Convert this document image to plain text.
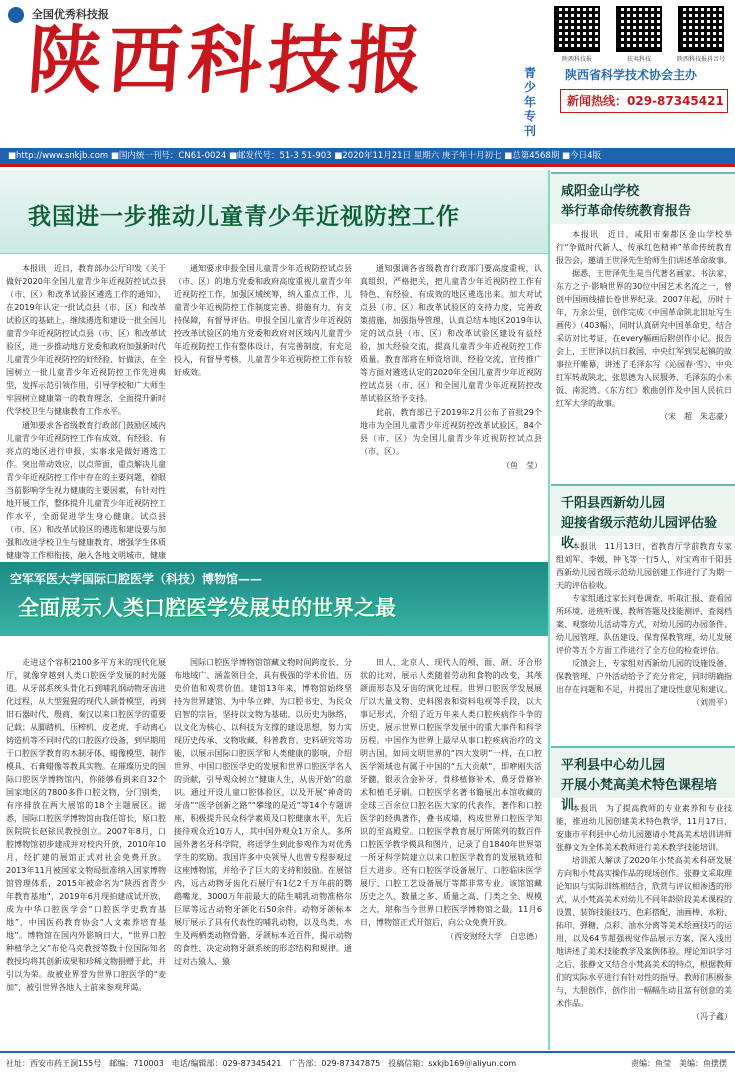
全国优秀科技报
陕西科技报	青少年专刊
陕西科技报	扶夷科技	陕西科技报抖音号
陕西省科学技术协会主办
新闻热线：029-87345421
■http://www.snkjb.com ■国内统一刊号：CN61-0024 ■邮发代号：51-3 51-903 ■2020年11月21日 星期六 庚子年十月初七 ■总第4568期 ■今日4版
我国进一步推动儿童青少年近视防控工作

本报讯　近日，教育部办公厅印发《关于做好2020年全国儿童青少年近视防控试点县（市、区）和改革试验区遴选工作的通知》，在2019年认定一批试点县（市、区）和改革试验区的基础上，继续遴选和建设一批全国儿童青少年近视防控试点县（市、区）和改革试验区，进一步推动地方党委和政府加强新时代儿童青少年近视防控的好经验、好做法，在全国树立一批儿童青少年近视防控工作先进典型，发挥示范引领作用，引导学校和广大师生牢固树立健康第一的教育理念，全面提升新时代学校卫生与健康教育工作水平。

通知要求各省级教育行政部门鼓励区域内儿童青少年近视防控工作有成效、有经验、有亮点的地区进行申报，实事求是做好遴选工作。突出带动效应，以点带面，重点解决儿童青少年近视防控工作中存在的主要问题，着眼当前影响学生视力健康的主要因素，有针对性地开展工作，整体提升儿童青少年近视防控工作水平，全面促进学生身心健康。试点县（市、区）和改革试验区的遴选和建设要与加强和改进学校卫生与健康教育、增强学生体质健康等工作相衔接，融入各地文明城市、健康

通知要求申报全国儿童青少年近视防控试点县（市、区）的地方党委和政府高度重视儿童青少年近视防控工作，加强区域统筹，纳入重点工作，儿童青少年近视防控工作制度完善、措施有力，有支持保障，有督导评估。申报全国儿童青少年近视防控改革试验区的地方党委和政府对区域内儿童青少年近视防控工作有整体设计，有完善制度，有充足投入，有督导考核，儿童青少年近视防控工作有较好成效。

通知强调各省级教育行政部门要高度重视，认真组织，严格把关，把儿童青少年近视防控工作有特色、有经验、有成效的地区遴选出来。加大对试点县（市、区）和改革试验区的支持力度，完善政策措施，加强指导管理，认真总结本地区2019年认定的试点县（市、区）和改革试验区建设有益经验，加大经验交流，提高儿童青少年近视防控工作质量。教育部将在师资培训、经验交流、宣传推广等方面对遴选认定的2020年全国儿童青少年近视防控试点县（市、区）和全国儿童青少年近视防控改革试验区给予支持。

此前，教育部已于2019年2月公布了首批29个地市为全国儿童青少年近视防控改革试验区，84个县（市、区）为全国儿童青少年近视防控试点县（市、区）。

（鱼　莹）
空军军医大学国际口腔医学（科技）博物馆——
全面展示人类口腔医学发展史的世界之最

走进这个容积2100多平方米的现代化展厅，就像穿越到人类口腔医学发展的时光隧道。从牙部系统头骨化石到哺乳纲动物牙齿进化过程，从大型猩猩的现代人颌骨模型，再到旧石器时代、殷商、秦汉以来口腔医学的重要记载；从脚踏机、压榨机、皮老虎、手动离心铸造机等不同时代的口腔医疗设备，到早期用于口腔医学教育的木制牙体、蜡像模型、制作模具、石膏蜡像等教具实物。在璀璨历史的国际口腔医学博物馆内，你能够看到来自32个国家地区的7800多件口腔文物，分门别类，有序排放在两大展馆的18个主题展区。据悉，国际口腔医学博物馆由我任馆长，原口腔医院院长赵铱民教授创立。2007年8月，口腔博物馆初步建成并对校内开放，2010年10月，经扩建的展馆正式对社会免费开放。2013年11月被国家文物局批准纳入国家博物馆管理体系，2015年被命名为“陕西省青少年教育基地”，2019年6月现拍建成试开放，成为中华口腔医学会“口腔医学史教育基地”，中国医药教育协会“人文素养培育基地”。博物馆在国内外影响日大，“世界口腔种植学之父”布伦马克教授等数十位国际知名教授均将其创新成果和珍稀文物捐赠于此，并引以为荣。故被业界誉为世界口腔医学的“麦加”，被引世界各地人士前来参观拜谒。

国际口腔医学博物馆馆藏文物时间跨度长、分布地域广、涵盖领目全，具有极强的学术价值、历史价值和观赏价值。建馆13年来，博物馆始终坚持为世界建馆、为中华立碑、为口腔书史、为民众启智的宗旨，坚持以文物为基础、以历史为脉络，以文化为核心、以科技为支撑的建设思想，努力实现历史传承、文物收藏、科普教育、史料研究等功能，以展示国际口腔医学和人类健康的影响，介绍世界、中国口腔医学史的发展和世界口腔医学名人的贡献，引导观众树立“健康人生，从齿开始”的意识。通过开设儿童口腔体验区，以及开展“神奇的牙齿”“医学创新之路”“攀缘的是近”等14个专题讲座，积极提升民众科学素质及口腔健康水平，先后接待观众近10万人，其中国外观众1万余人。多所国外著名牙科学院，将送学生到此参观作为对优秀学生的奖励。我国许多中央领导人也曾专程参观过这座博物馆，并给予了巨大的支持和鼓励。在展馆内，远古动物牙齿化石展厅有1亿2千万年前的鹦鹉嘴龙、3000万年前最大的陆生哺乳动物准格尔巨犀等远古动物牙颌化石50余件。动物牙颌标本展厅展示了具有代表性的哺乳动物，以及鸟类、水生及两栖类动物骨骼、牙颌标本近百件，揭示动物的食性、决定动物牙颌系统的形态结构和规律。通过对古猿人、猿

田人、北京人、现代人的颅、面、颌、牙合形状的比对，展示人类随着劳动和食物的改变，其颅颌面形态及牙齿的演化过程。世界口腔医学发展展厅以大量文物、史料图表和资料电视等手段，以大事记形式，介绍了近万年来人类口腔疾病作斗争的历史，展示世界口腔医学发展中的重大事件和科学历程。中国作为世界上最早从事口腔疾病治疗的文明古国，如同文明世界的“四大发明”一样，在口腔医学领域也有属于中国的“五大贡献”，即咿刚失活牙髓，银汞合金补牙，骨移植修补术，鼻牙骨修补术和植毛牙刷。口腔医学名著书籍展出本馆收藏的全球三百余位口腔名医大家的代表作，著作和口腔医学的经典著作，叠书成墙，构成世界口腔医学知识的至高殿堂。口腔医学教育展厅所陈列的数百件口腔医学教学模具和图片，记录了自1840年世界第一所牙科学院建立以来口腔医学教育的发展轨迹和巨大进步。还有口腔医学设备展厅、口腔临床医学展厅、口腔工艺设备展厅等都非常专业。该馆馆藏历史之久、数量之多、质量之高、门类之全、规模之大，堪称当今世界口腔医学博物馆之最。11月6日，博物馆正式开馆后，向公众免费开放。

（西安财经大学　白忠德）
咸阳金山学校
举行革命传统教育报告

本报讯　近日，咸阳市秦都区金山学校举行“争做时代新人、传承红色精神”革命传统教育报告会，邀请王世泽先生给师生们讲述革命故事。

据悉，王世泽先生是当代著名画家、书法家，东方之子·影响世界的30位中国艺术名流之一，曾创中国画线描长卷世界纪录。2007年起，历时十年，万余公里，创作完成《中国革命陕北旧址写生画传》（403幅），同时认真研究中国革命史，结合采访对比考证，在every幅画后附创作小记。报告会上，王世泽以抗日救国、中央红军到吴起镇的故事拉开帷幕，讲述了毛泽东写《沁园春·雪》、中央红军转战陕北、张思德为人民服务、毛泽东的小米饭、南泥湾、《东方红》歌曲创作及中国人民抗日红军大学的故事。

（宋　超　朱志豪）
千阳县西新幼儿园
迎接省级示范幼儿园评估验收

本报讯　11月13日，省教育厅学前教育专家组刘军、李媛、钟飞等一行5人，对宝鸡市千阳县西新幼儿园省级示范幼儿园创建工作进行了为期一天的评估验收。

专家组通过家长问卷调查、听取汇报、查看园所环境、进班听课、教师答题及技能测评、查阅档案、观察幼儿活动等方式，对幼儿园的办园条件、幼儿园管理、队伍建设、保育保教管理、幼儿发展评价等五个方面工作进行了全方位的检查评估。

反馈会上，专家组对西新幼儿园的设施设备、保教管理、户外活动给予了充分肯定，同时明确指出存在问题和不足，并提出了建设性意见和建议。

（刘贵平）
平利县中心幼儿园
开展小梵高美术特色课程培训

本报讯　为了提高教师的专业素养和专业技能，推进幼儿园创建美术特色教学，11月17日，安康市平利县中心幼儿园邀请小梵高美术培训讲师张静文为全体美术教师进行美术教学技能培训。

培训派人解读了2020年小梵高美术科研发展方向和小梵高实操作品的现场创作。张静文采取理论知识与实际训练相结合，欣赏与评议相渗透的形式，从小梵高美术对幼儿不同年龄阶段美术课程的设置、装饰技能技巧、色彩搭配，油画棒、水粉、拓印、弹糖、点彩、油水分离等美术绘画技巧的运用，以及64节超强视觉作品展示方案，深入浅出地讲述了美术技能教学及案例体验。理论知识学习之后，张静文又结合小梵高美术的特点，根据教师们的实际水平进行有针对性的指导。教师们积极参与，大胆创作，创作出一幅幅生动且富有创意的美术作品。

（冯子鑫）
社址：西安市药王洞155号　邮编：710003　电话/编辑部：029-87345421　广告部：029-87347875　投稿信箱：sxkjb169＠aliyun.com	责编：鱼莹　美编：鱼摆摆
